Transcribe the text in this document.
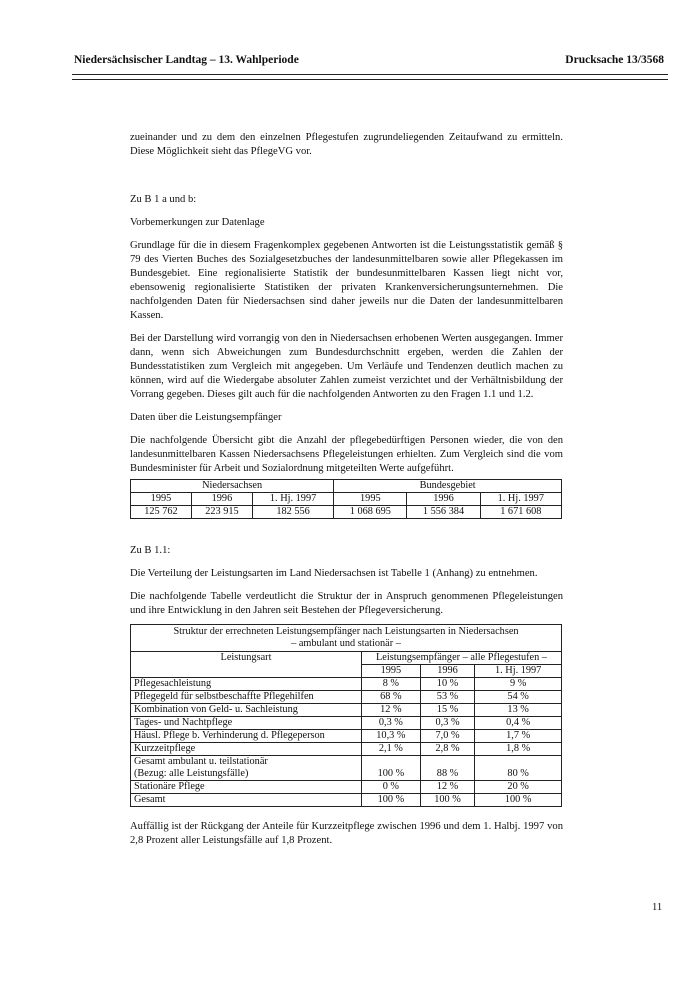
Niedersächsischer Landtag – 13. Wahlperiode	Drucksache 13/3568

zueinander und zu dem den einzelnen Pflegestufen zugrundeliegenden Zeitaufwand zu ermitteln. Diese Möglichkeit sieht das PflegeVG vor.

Zu B 1 a und b:

Vorbemerkungen zur Datenlage

Grundlage für die in diesem Fragenkomplex gegebenen Antworten ist die Leistungsstatistik gemäß § 79 des Vierten Buches des Sozialgesetzbuches der landesunmittelbaren sowie aller Pflegekassen im Bundesgebiet. Eine regionalisierte Statistik der bundesunmittelbaren Kassen liegt nicht vor, ebensowenig regionalisierte Statistiken der privaten Krankenversicherungsunternehmen. Die nachfolgenden Daten für Niedersachsen sind daher jeweils nur die Daten der landesunmittelbaren Kassen.

Bei der Darstellung wird vorrangig von den in Niedersachsen erhobenen Werten ausgegangen. Immer dann, wenn sich Abweichungen zum Bundesdurchschnitt ergeben, werden die Zahlen der Bundesstatistiken zum Vergleich mit angegeben. Um Verläufe und Tendenzen deutlich machen zu können, wird auf die Wiedergabe absoluter Zahlen zumeist verzichtet und der Verhältnisbildung der Vorrang gegeben. Dieses gilt auch für die nachfolgenden Antworten zu den Fragen 1.1 und 1.2.

Daten über die Leistungsempfänger

Die nachfolgende Übersicht gibt die Anzahl der pflegebedürftigen Personen wieder, die von den landesunmittelbaren Kassen Niedersachsens Pflegeleistungen erhielten. Zum Vergleich sind die vom Bundesminister für Arbeit und Sozialordnung mitgeteilten Werte aufgeführt.

Niedersachsen			Bundesgebiet		
1995	1996	1. Hj. 1997	1995	1996	1. Hj. 1997
125 762	223 915	182 556	1 068 695	1 556 384	1 671 608

Zu B 1.1:

Die Verteilung der Leistungsarten im Land Niedersachsen ist Tabelle 1 (Anhang) zu entnehmen.

Die nachfolgende Tabelle verdeutlicht die Struktur der in Anspruch genommenen Pflegeleistungen und ihre Entwicklung in den Jahren seit Bestehen der Pflegeversicherung.

Struktur der errechneten Leistungsempfänger nach Leistungsarten in Niedersachsen
– ambulant und stationär –			
Leistungsart	Leistungsempfänger – alle Pflegestufen –		
	1995	1996	1. Hj. 1997
Pflegesachleistung	8 %	10 %	9 %
Pflegegeld für selbstbeschaffte Pflegehilfen	68 %	53 %	54 %
Kombination von Geld- u. Sachleistung	12 %	15 %	13 %
Tages- und Nachtpflege	0,3 %	0,3 %	0,4 %
Häusl. Pflege b. Verhinderung d. Pflegeperson	10,3 %	7,0 %	1,7 %
Kurzzeitpflege	2,1 %	2,8 %	1,8 %
Gesamt ambulant u. teilstationär
(Bezug: alle Leistungsfälle)	100 %	88 %	80 %
Stationäre Pflege	0 %	12 %	20 %
Gesamt	100 %	100 %	100 %

Auffällig ist der Rückgang der Anteile für Kurzzeitpflege zwischen 1996 und dem 1. Halbj. 1997 von 2,8 Prozent aller Leistungsfälle auf 1,8 Prozent.

11
